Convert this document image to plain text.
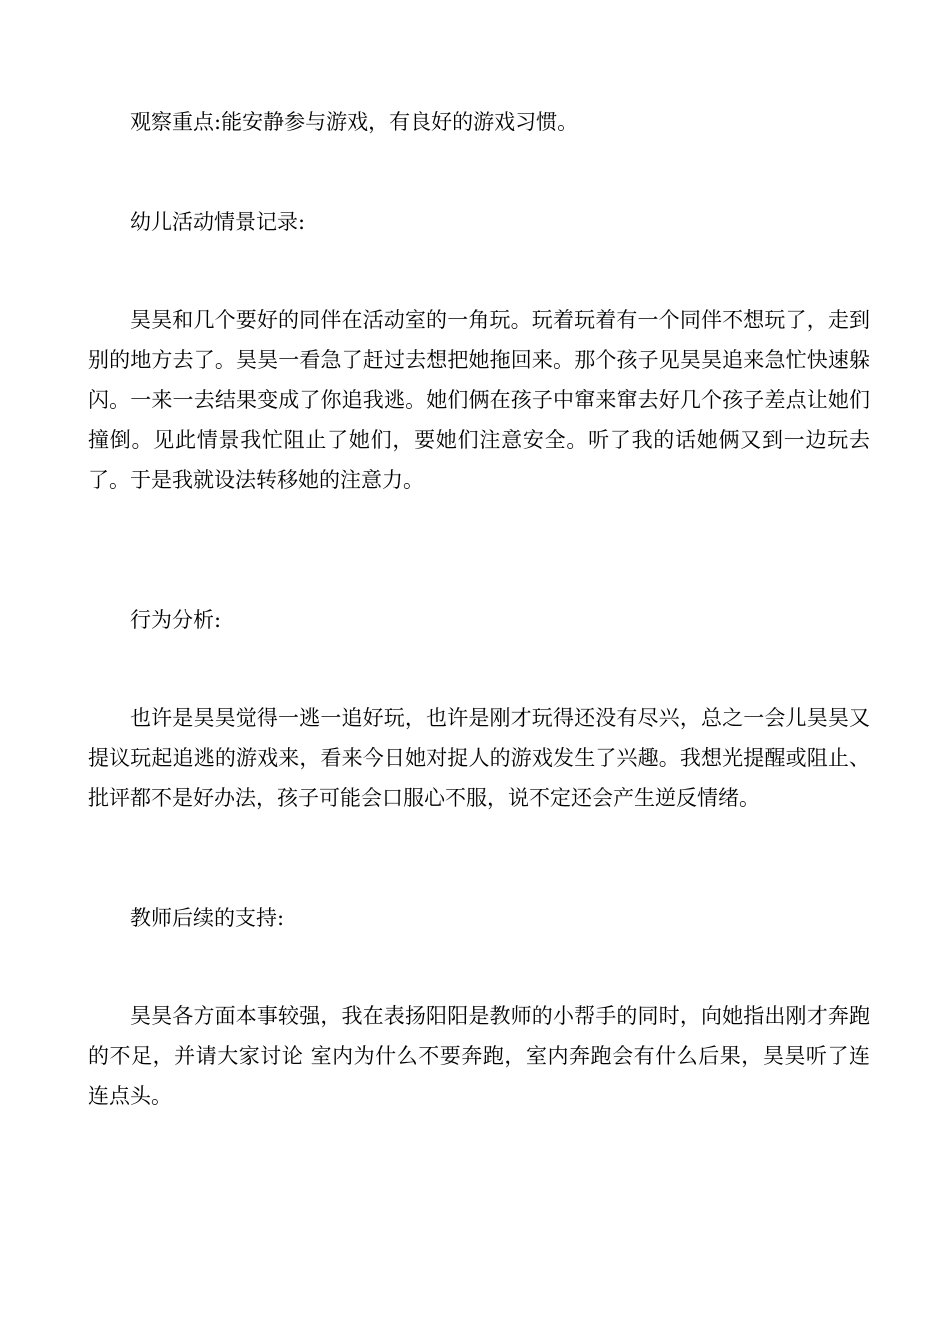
观察重点:能安静参与游戏，有良好的游戏习惯。

幼儿活动情景记录:

昊昊和几个要好的同伴在活动室的一角玩。玩着玩着有一个同伴不想玩了，走到别的地方去了。昊昊一看急了赶过去想把她拖回来。那个孩子见昊昊追来急忙快速躲闪。一来一去结果变成了你追我逃。她们俩在孩子中窜来窜去好几个孩子差点让她们撞倒。见此情景我忙阻止了她们，要她们注意安全。听了我的话她俩又到一边玩去了。于是我就设法转移她的注意力。

行为分析:

也许是昊昊觉得一逃一追好玩，也许是刚才玩得还没有尽兴，总之一会儿昊昊又提议玩起追逃的游戏来，看来今日她对捉人的游戏发生了兴趣。我想光提醒或阻止、批评都不是好办法，孩子可能会口服心不服，说不定还会产生逆反情绪。

教师后续的支持:

昊昊各方面本事较强，我在表扬阳阳是教师的小帮手的同时，向她指出刚才奔跑的不足，并请大家讨论 室内为什么不要奔跑，室内奔跑会有什么后果，昊昊听了连连点头。
